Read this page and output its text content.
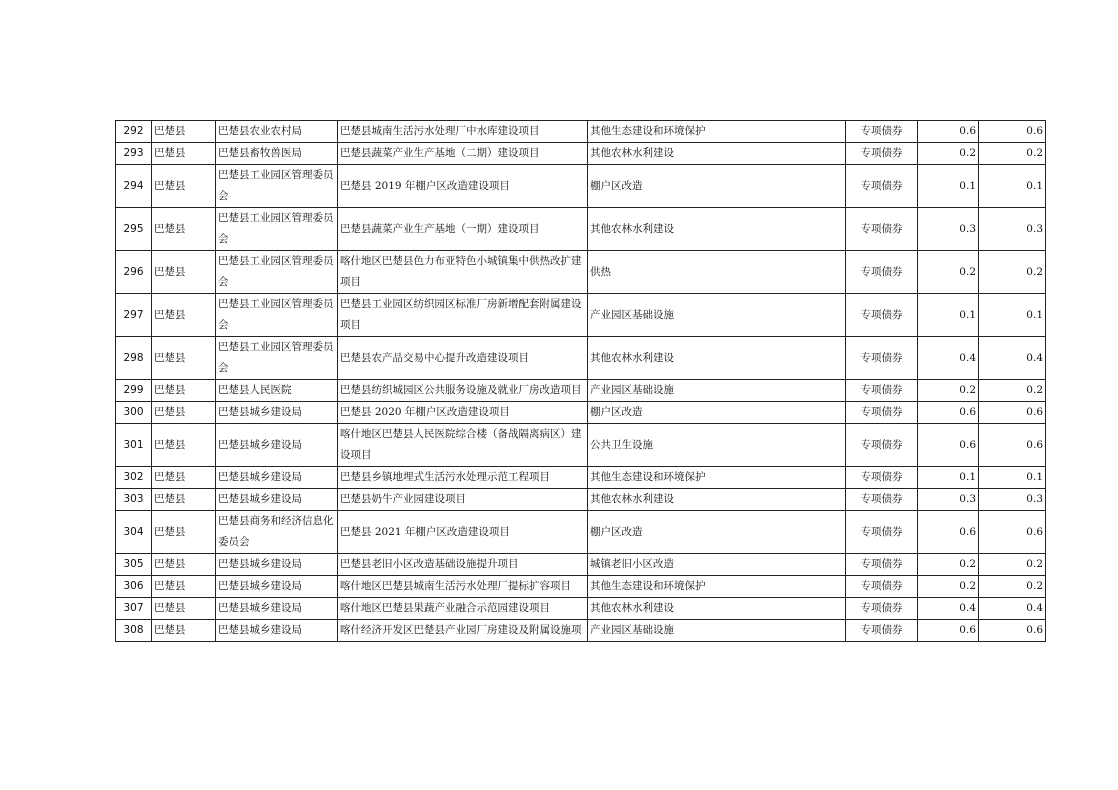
292	巴楚县	巴楚县农业农村局	巴楚县城南生活污水处理厂中水库建设项目	其他生态建设和环境保护	专项债券	0.6	0.6
293	巴楚县	巴楚县畜牧兽医局	巴楚县蔬菜产业生产基地（二期）建设项目	其他农林水利建设	专项债券	0.2	0.2
294	巴楚县	巴楚县工业园区管理委员会	巴楚县 2019 年棚户区改造建设项目	棚户区改造	专项债券	0.1	0.1
295	巴楚县	巴楚县工业园区管理委员会	巴楚县蔬菜产业生产基地（一期）建设项目	其他农林水利建设	专项债券	0.3	0.3
296	巴楚县	巴楚县工业园区管理委员会	喀什地区巴楚县色力布亚特色小城镇集中供热改扩建项目	供热	专项债券	0.2	0.2
297	巴楚县	巴楚县工业园区管理委员会	巴楚县工业园区纺织园区标准厂房新增配套附属建设项目	产业园区基础设施	专项债券	0.1	0.1
298	巴楚县	巴楚县工业园区管理委员会	巴楚县农产品交易中心提升改造建设项目	其他农林水利建设	专项债券	0.4	0.4
299	巴楚县	巴楚县人民医院	巴楚县纺织城园区公共服务设施及就业厂房改造项目	产业园区基础设施	专项债券	0.2	0.2
300	巴楚县	巴楚县城乡建设局	巴楚县 2020 年棚户区改造建设项目	棚户区改造	专项债券	0.6	0.6
301	巴楚县	巴楚县城乡建设局	喀什地区巴楚县人民医院综合楼（备战隔离病区）建设项目	公共卫生设施	专项债券	0.6	0.6
302	巴楚县	巴楚县城乡建设局	巴楚县乡镇地埋式生活污水处理示范工程项目	其他生态建设和环境保护	专项债券	0.1	0.1
303	巴楚县	巴楚县城乡建设局	巴楚县奶牛产业园建设项目	其他农林水利建设	专项债券	0.3	0.3
304	巴楚县	巴楚县商务和经济信息化委员会	巴楚县 2021 年棚户区改造建设项目	棚户区改造	专项债券	0.6	0.6
305	巴楚县	巴楚县城乡建设局	巴楚县老旧小区改造基础设施提升项目	城镇老旧小区改造	专项债券	0.2	0.2
306	巴楚县	巴楚县城乡建设局	喀什地区巴楚县城南生活污水处理厂提标扩容项目	其他生态建设和环境保护	专项债券	0.2	0.2
307	巴楚县	巴楚县城乡建设局	喀什地区巴楚县果蔬产业融合示范园建设项目	其他农林水利建设	专项债券	0.4	0.4
308	巴楚县	巴楚县城乡建设局	喀什经济开发区巴楚县产业园厂房建设及附属设施项	产业园区基础设施	专项债券	0.6	0.6
